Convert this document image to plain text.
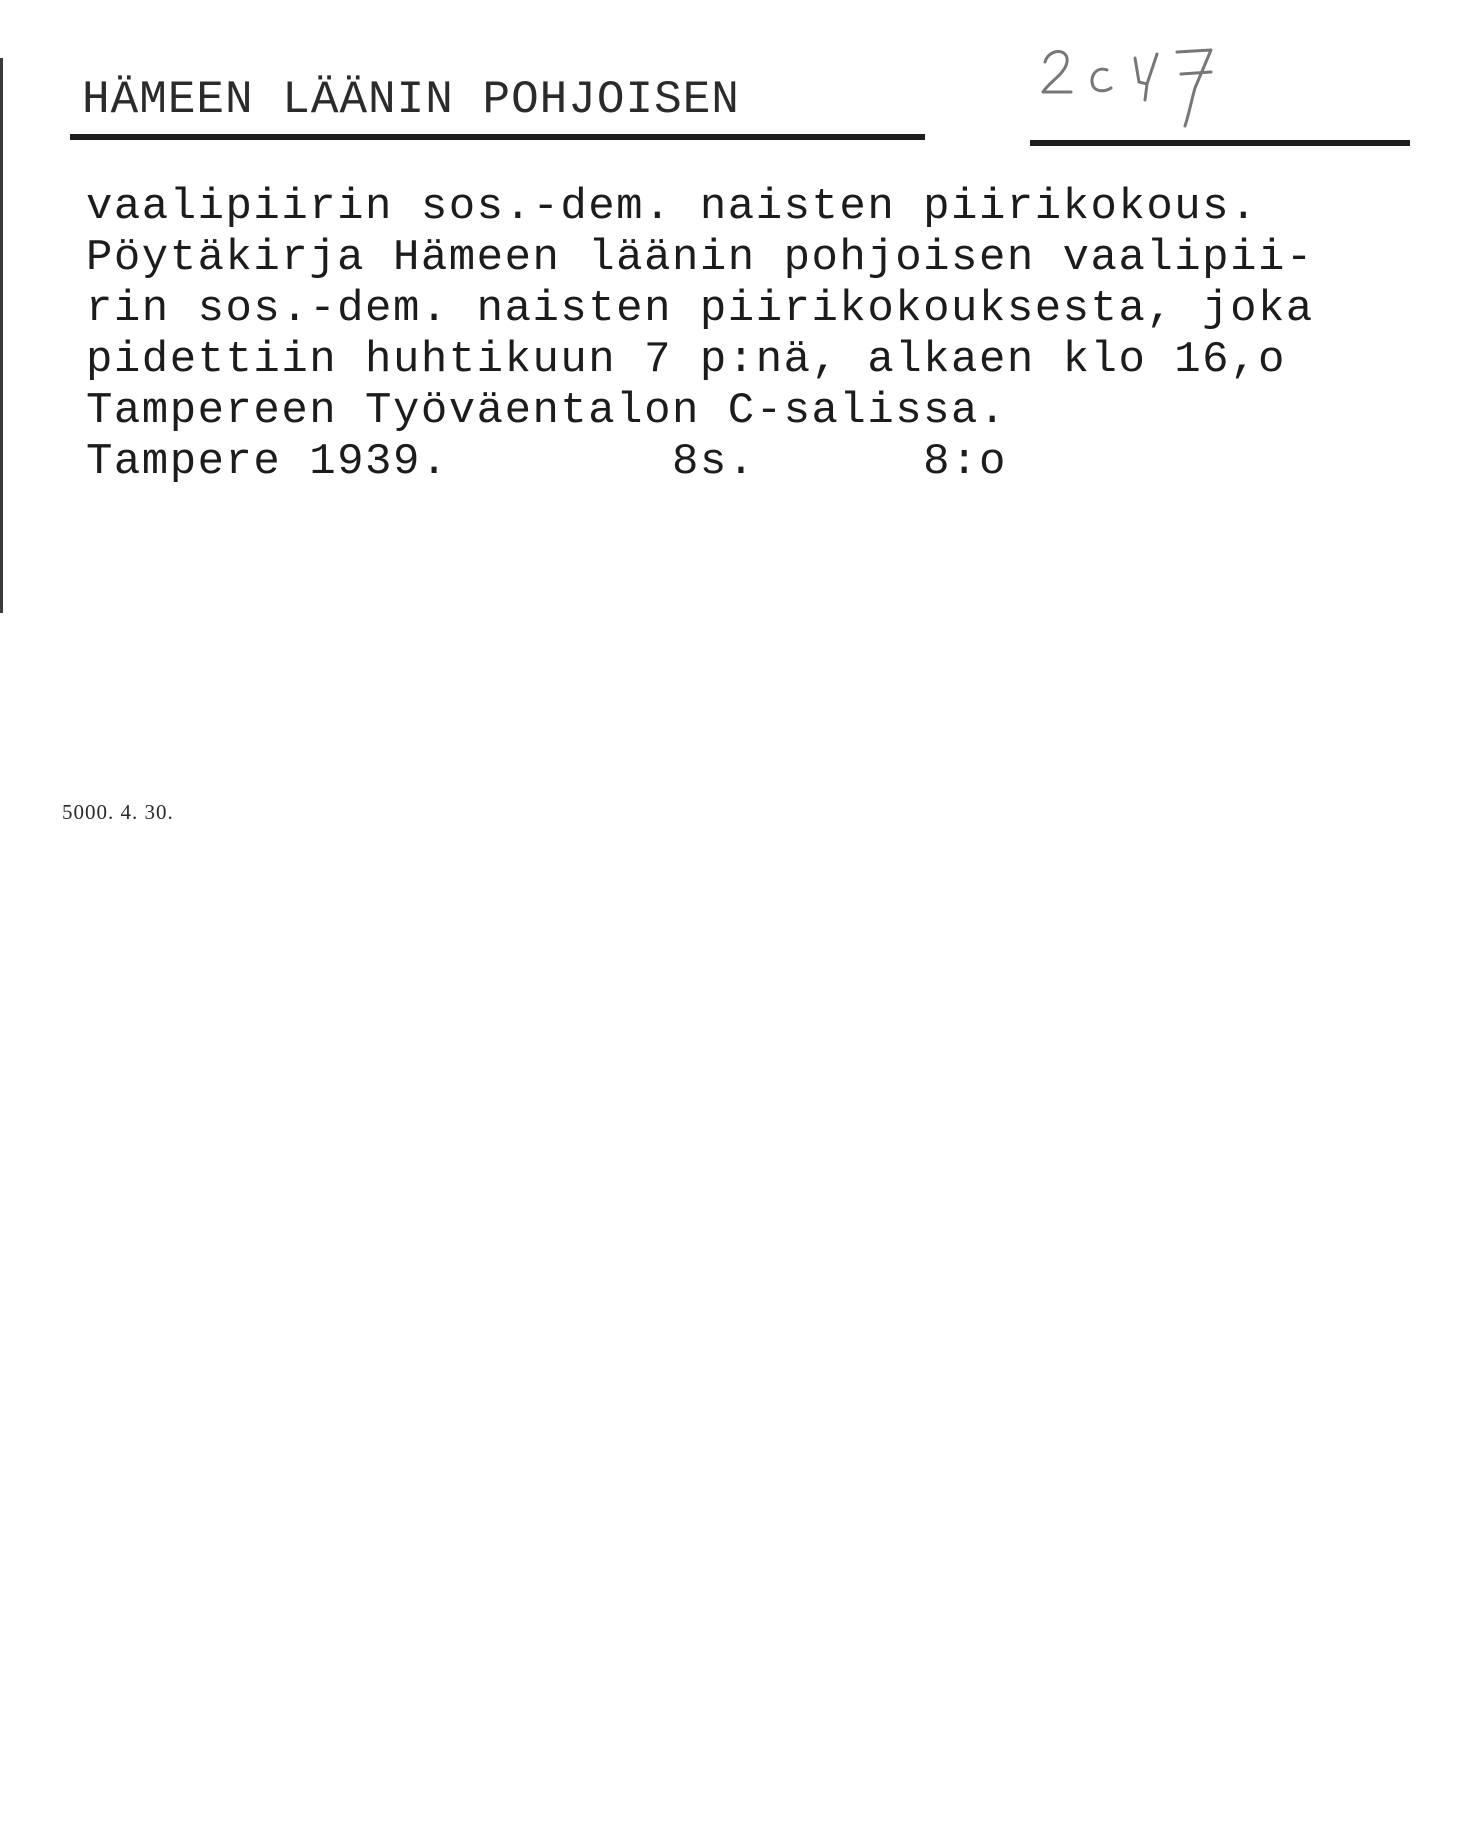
HÄMEEN LÄÄNIN POHJOISEN
vaalipiirin sos.-dem. naisten piirikokous.
Pöytäkirja Hämeen läänin pohjoisen vaalipii-
rin sos.-dem. naisten piirikokouksesta, joka
pidettiin huhtikuun 7 p:nä, alkaen klo 16,o
Tampereen Työväentalon C-salissa.
Tampere 1939.        8s.      8:o
5000. 4. 30.
